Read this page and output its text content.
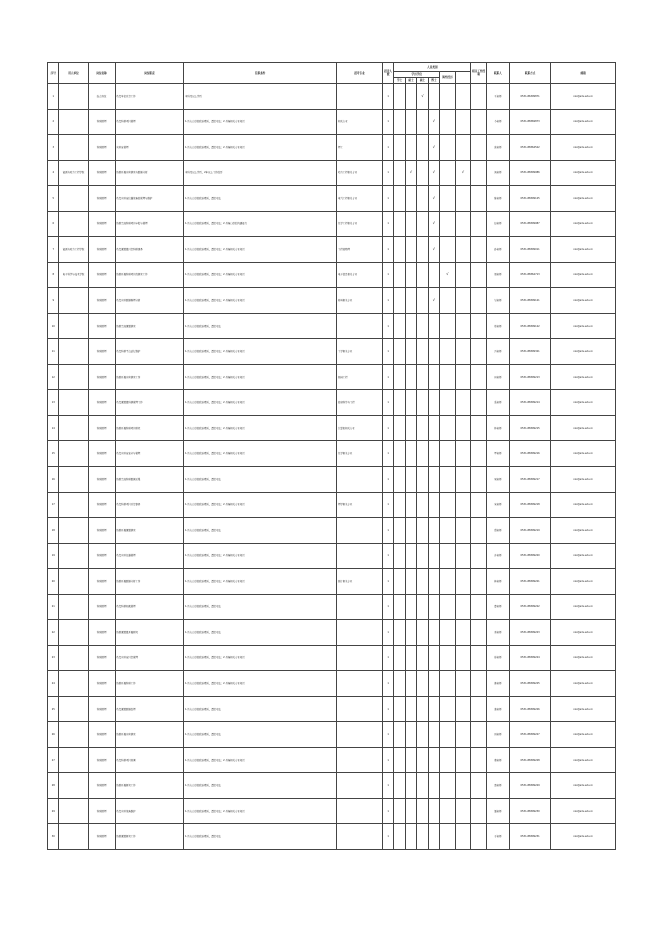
序号	用人单位	岗位名称	岗位职责	任职条件	招考专业	招考人数	人员类别						相关工作经验	联系人	联系方式	邮箱
							学历学位				海外经历					
							学士	硕士	硕士	博士						
1		综合岗位	负责单位日常工作	本科及以上学历		1			√					王老师	0531-86399871	xxx@sdu.edu.cn
2		科研助理	负责科研项目管理	1.具有良好的政治素质，遵纪守法；2.具备相关专业知识	相关专业	1				√				李老师	0531-88369873	xxx@sdu.edu.cn
3		科研助理	实验室管理	1.具有良好的政治素质，遵纪守法；2.具备相关专业知识	理工	1				√				张老师	0531-88364522	xxx@sdu.edu.cn
4	能源与动力工程学院	科研助理	协助开展实验研究与数据分析	本科及以上学历，2年以上工作经历	动力工程相关专业	1		√		√		√		刘老师	0531-88399086	xxx@sdu.edu.cn
5		科研助理	负责实验室仪器设备的管理与维护	1.具有良好的政治素质，遵纪守法	电气工程相关专业	1				√				陈老师	0531-88399125	xxx@sdu.edu.cn
6		科研助理	协助完成科研项目申报与管理	1.具有良好的政治素质，遵纪守法；2.具备良好的沟通能力	化学工程相关专业	1				√				赵老师	0531-88399087	xxx@sdu.edu.cn
7	能源与动力工程学院	科研助理	负责课题组日常科研事务	1.具有良好的政治素质，遵纪守法；2.具备相关专业知识	工程热物理	1				√				孙老师	0531-88399011	xxx@sdu.edu.cn
8	电子科学与技术学院	科研助理	协助开展科研项目的研究工作	1.具有良好的政治素质，遵纪守法；2.具备相关专业知识	电子信息相关专业	1					√			周老师	0531-88364713	xxx@sdu.edu.cn
9		科研助理	负责实验数据整理分析	1.具有良好的政治素质，遵纪守法；2.具备相关专业知识	材料相关专业	1				√				吴老师	0531-88399121	xxx@sdu.edu.cn
10		科研助理	协助完成课题研究	1.具有良好的政治素质，遵纪守法		1								郑老师	0531-88399122	xxx@sdu.edu.cn
11		科研助理	负责科研平台运行维护	1.具有良好的政治素质，遵纪守法；2.具备相关专业知识	工学相关专业	1								冯老师	0531-88399321	xxx@sdu.edu.cn
12		科研助理	协助开展实验研究工作	1.具有良好的政治素质，遵纪守法；2.具备相关专业知识	机械工程	1								何老师	0531-88399213	xxx@sdu.edu.cn
13		科研助理	负责课题组科研管理工作	1.具有良好的政治素质，遵纪守法；2.具备相关专业知识	控制科学与工程	1								高老师	0531-88399214	xxx@sdu.edu.cn
14		科研助理	协助开展科研项目研究	1.具有良好的政治素质，遵纪守法；2.具备相关专业知识	计算机相关专业	1								林老师	0531-88399215	xxx@sdu.edu.cn
15		科研助理	负责实验室安全与管理	1.具有良好的政治素质，遵纪守法；2.具备相关专业知识	化学相关专业	1								罗老师	0531-88399216	xxx@sdu.edu.cn
16		科研助理	协助完成科研数据采集	1.具有良好的政治素质，遵纪守法		1								梁老师	0531-88399217	xxx@sdu.edu.cn
17		科研助理	负责科研项目日常事务	1.具有良好的政治素质，遵纪守法；2.具备相关专业知识	理学相关专业	1								宋老师	0531-88399218	xxx@sdu.edu.cn
18		科研助理	协助开展课题研究	1.具有良好的政治素质，遵纪守法		1								唐老师	0531-88399219	xxx@sdu.edu.cn
19		科研助理	负责实验仪器管理	1.具有良好的政治素质，遵纪守法；2.具备相关专业知识		1								许老师	0531-88399220	xxx@sdu.edu.cn
20		科研助理	协助开展数据分析工作	1.具有良好的政治素质，遵纪守法；2.具备相关专业知识	统计相关专业	1								韩老师	0531-88399221	xxx@sdu.edu.cn
21		科研助理	负责科研档案管理	1.具有良好的政治素质，遵纪守法		1								曹老师	0531-88399222	xxx@sdu.edu.cn
22		科研助理	协助课题组开展研究	1.具有良好的政治素质，遵纪守法		1								邓老师	0531-88399223	xxx@sdu.edu.cn
23		科研助理	负责实验室日常管理	1.具有良好的政治素质，遵纪守法；2.具备相关专业知识		1								彭老师	0531-88399224	xxx@sdu.edu.cn
24		科研助理	协助开展科研工作	1.具有良好的政治素质，遵纪守法；2.具备相关专业知识		1								曾老师	0531-88399225	xxx@sdu.edu.cn
25		科研助理	负责课题数据处理	1.具有良好的政治素质，遵纪守法		1								萧老师	0531-88399226	xxx@sdu.edu.cn
26		科研助理	协助开展实验研究	1.具有良好的政治素质，遵纪守法		1								田老师	0531-88399227	xxx@sdu.edu.cn
27		科研助理	负责科研项目协调	1.具有良好的政治素质，遵纪守法；2.具备相关专业知识		1								董老师	0531-88399228	xxx@sdu.edu.cn
28		科研助理	协助开展研究工作	1.具有良好的政治素质，遵纪守法		1								袁老师	0531-88399229	xxx@sdu.edu.cn
29		科研助理	负责实验设备维护	1.具有良好的政治素质，遵纪守法；2.具备相关专业知识		1								潘老师	0531-88399230	xxx@sdu.edu.cn
30		科研助理	协助课题研究工作	1.具有良好的政治素质，遵纪守法		1								于老师	0531-88399231	xxx@sdu.edu.cn
